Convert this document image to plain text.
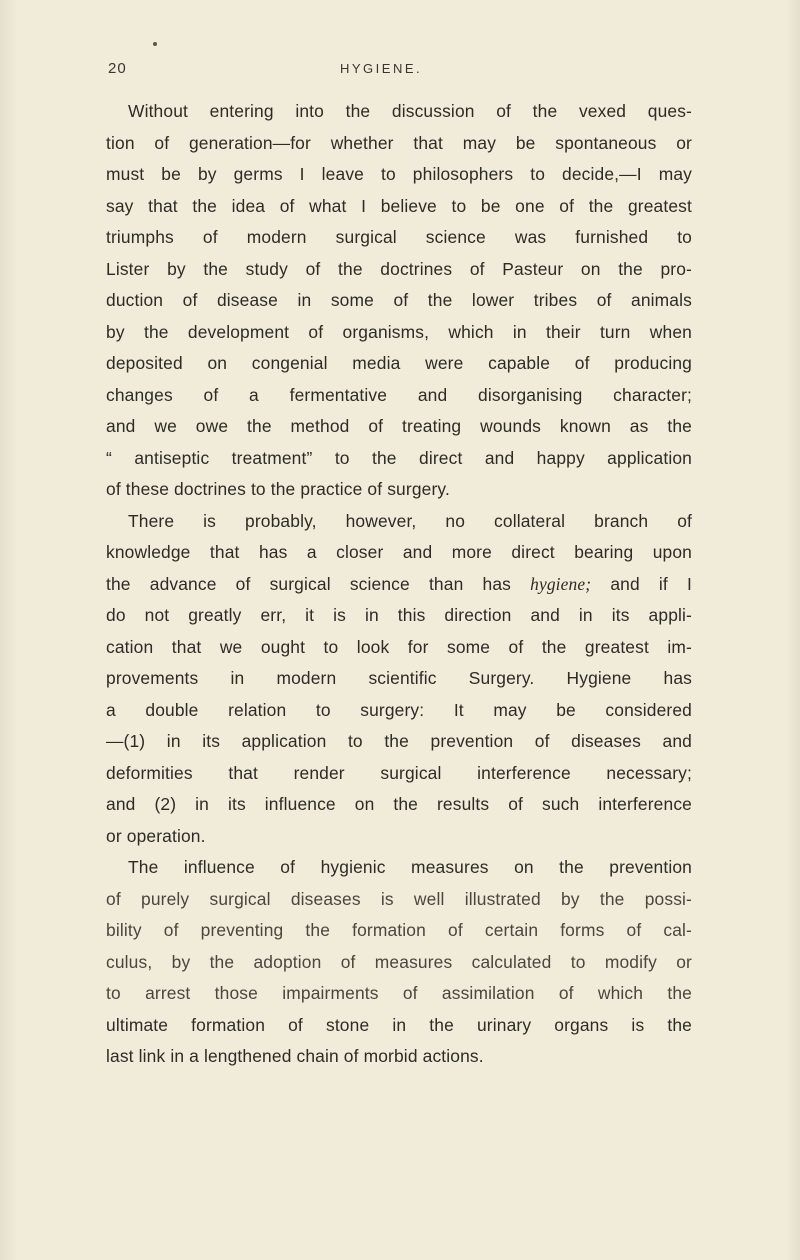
20	HYGIENE.
Without entering into the discussion of the vexed ques-
tion of generation—for whether that may be spontaneous or
must be by germs I leave to philosophers to decide,—I may
say that the idea of what I believe to be one of the greatest
triumphs of modern surgical science was furnished to
Lister by the study of the doctrines of Pasteur on the pro-
duction of disease in some of the lower tribes of animals
by the development of organisms, which in their turn when
deposited on congenial media were capable of producing
changes of a fermentative and disorganising character;
and we owe the method of treating wounds known as the
“ antiseptic treatment” to the direct and happy application
of these doctrines to the practice of surgery.
There is probably, however, no collateral branch of
knowledge that has a closer and more direct bearing upon
the advance of surgical science than has hygiene; and if I
do not greatly err, it is in this direction and in its appli-
cation that we ought to look for some of the greatest im-
provements in modern scientific Surgery. Hygiene has
a double relation to surgery: It may be considered
—(1) in its application to the prevention of diseases and
deformities that render surgical interference necessary;
and (2) in its influence on the results of such interference
or operation.
The influence of hygienic measures on the prevention
of purely surgical diseases is well illustrated by the possi-
bility of preventing the formation of certain forms of cal-
culus, by the adoption of measures calculated to modify or
to arrest those impairments of assimilation of which the
ultimate formation of stone in the urinary organs is the
last link in a lengthened chain of morbid actions.
